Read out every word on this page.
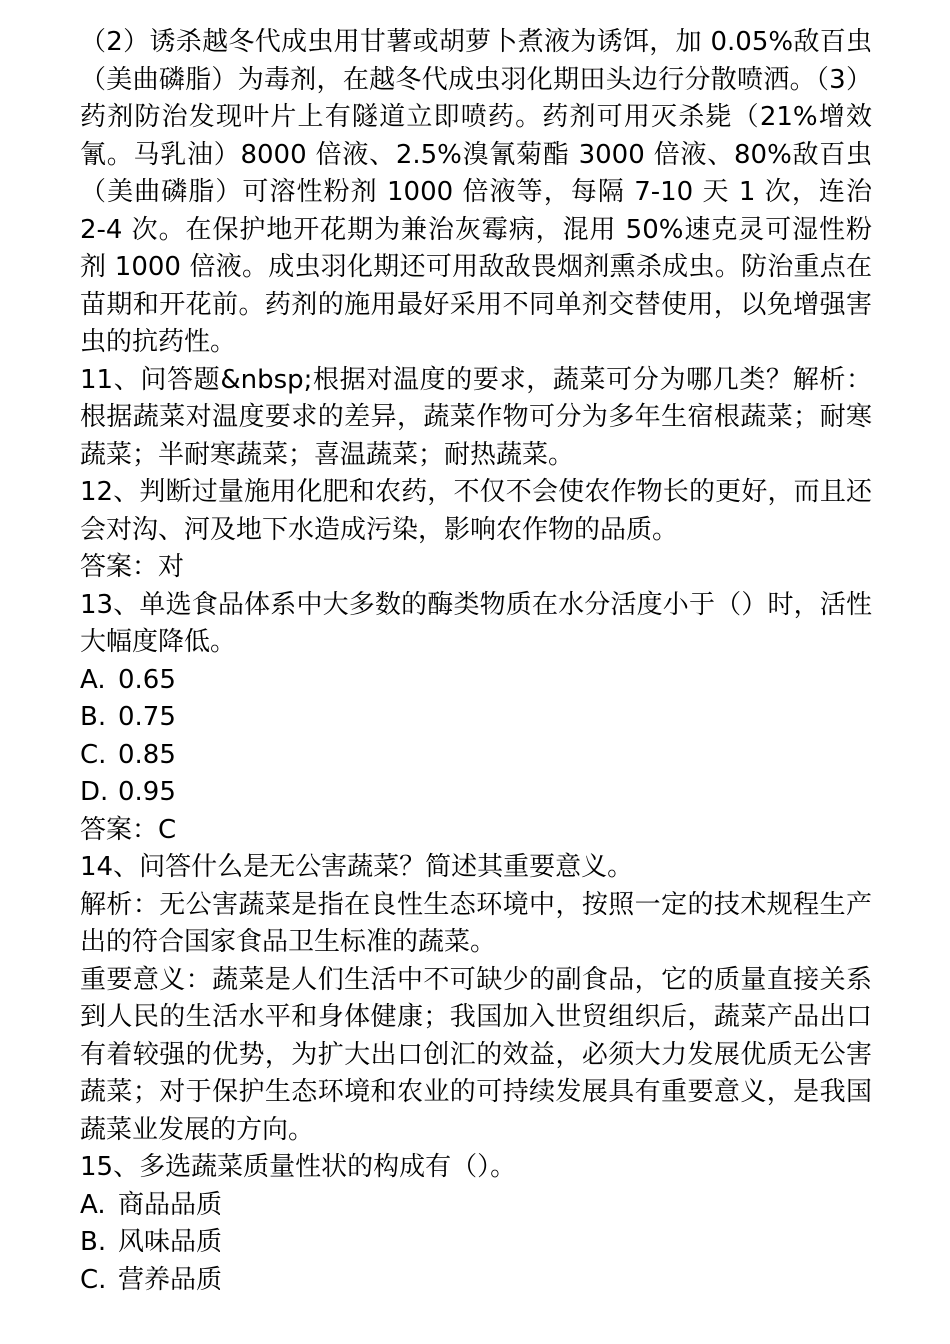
（2）诱杀越冬代成虫用甘薯或胡萝卜煮液为诱饵，加 0.05%敌百虫（美曲磷脂）为毒剂，在越冬代成虫羽化期田头边行分散喷洒。（3）药剂防治发现叶片上有隧道立即喷药。药剂可用灭杀毙（21%增效氰。马乳油）8000 倍液、2.5%溴氰菊酯 3000 倍液、80%敌百虫（美曲磷脂）可溶性粉剂 1000 倍液等，每隔 7-10 天 1 次，连治 2-4 次。在保护地开花期为兼治灰霉病，混用 50%速克灵可湿性粉剂 1000 倍液。成虫羽化期还可用敌敌畏烟剂熏杀成虫。防治重点在苗期和开花前。药剂的施用最好采用不同单剂交替使用，以免增强害虫的抗药性。

11、问答题&nbsp;根据对温度的要求，蔬菜可分为哪几类？解析：根据蔬菜对温度要求的差异，蔬菜作物可分为多年生宿根蔬菜；耐寒蔬菜；半耐寒蔬菜；喜温蔬菜；耐热蔬菜。

12、判断过量施用化肥和农药，不仅不会使农作物长的更好，而且还会对沟、河及地下水造成污染，影响农作物的品质。

答案：对

13、单选食品体系中大多数的酶类物质在水分活度小于（）时，活性大幅度降低。

A. 0.65
B. 0.75
C. 0.85
D. 0.95

答案：C

14、问答什么是无公害蔬菜？简述其重要意义。

解析：无公害蔬菜是指在良性生态环境中，按照一定的技术规程生产出的符合国家食品卫生标准的蔬菜。

重要意义：蔬菜是人们生活中不可缺少的副食品，它的质量直接关系到人民的生活水平和身体健康；我国加入世贸组织后，蔬菜产品出口有着较强的优势，为扩大出口创汇的效益，必须大力发展优质无公害蔬菜；对于保护生态环境和农业的可持续发展具有重要意义，是我国蔬菜业发展的方向。

15、多选蔬菜质量性状的构成有（）。

A. 商品品质
B. 风味品质
C. 营养品质
